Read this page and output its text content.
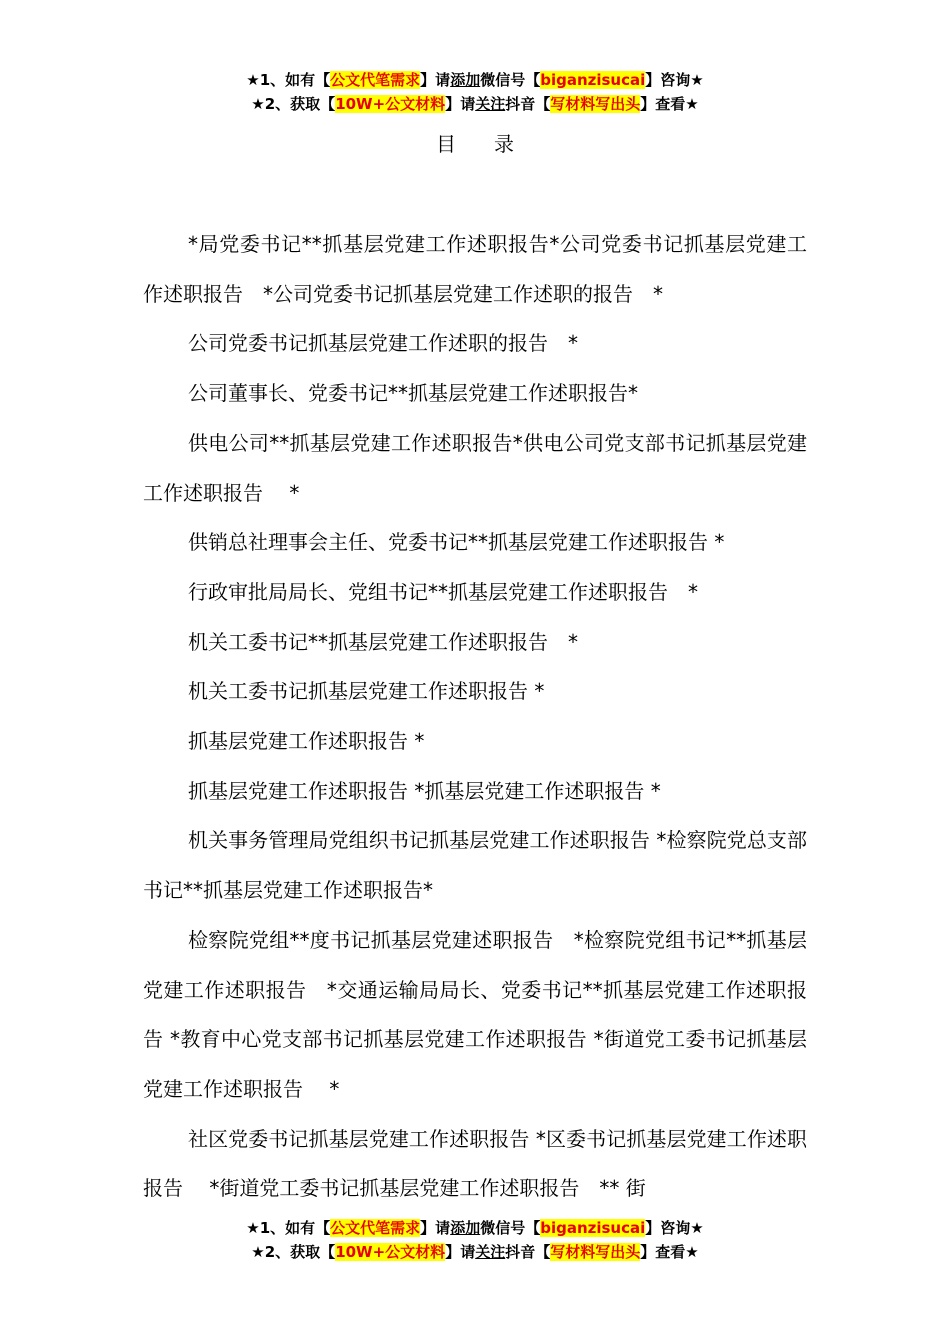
★1、如有【公文代笔需求】请添加微信号【biganzisucai】咨询★
★2、获取【10W+公文材料】请关注抖音【写材料写出头】查看★
目录

*局党委书记**抓基层党建工作述职报告*公司党委书记抓基层党建工作述职报告　*公司党委书记抓基层党建工作述职的报告　*

公司党委书记抓基层党建工作述职的报告　*

公司董事长、党委书记**抓基层党建工作述职报告*

供电公司**抓基层党建工作述职报告*供电公司党支部书记抓基层党建工作述职报告　 *

供销总社理事会主任、党委书记**抓基层党建工作述职报告 *

行政审批局局长、党组书记**抓基层党建工作述职报告　*

机关工委书记**抓基层党建工作述职报告　*

机关工委书记抓基层党建工作述职报告 *

抓基层党建工作述职报告 *

抓基层党建工作述职报告 *抓基层党建工作述职报告 *

机关事务管理局党组织书记抓基层党建工作述职报告 *检察院党总支部书记**抓基层党建工作述职报告*

检察院党组**度书记抓基层党建述职报告　*检察院党组书记**抓基层党建工作述职报告　*交通运输局局长、党委书记**抓基层党建工作述职报告 *教育中心党支部书记抓基层党建工作述职报告 *街道党工委书记抓基层党建工作述职报告　 *

社区党委书记抓基层党建工作述职报告 *区委书记抓基层党建工作述职报告　 *街道党工委书记抓基层党建工作述职报告　** 街

★1、如有【公文代笔需求】请添加微信号【biganzisucai】咨询★
★2、获取【10W+公文材料】请关注抖音【写材料写出头】查看★
